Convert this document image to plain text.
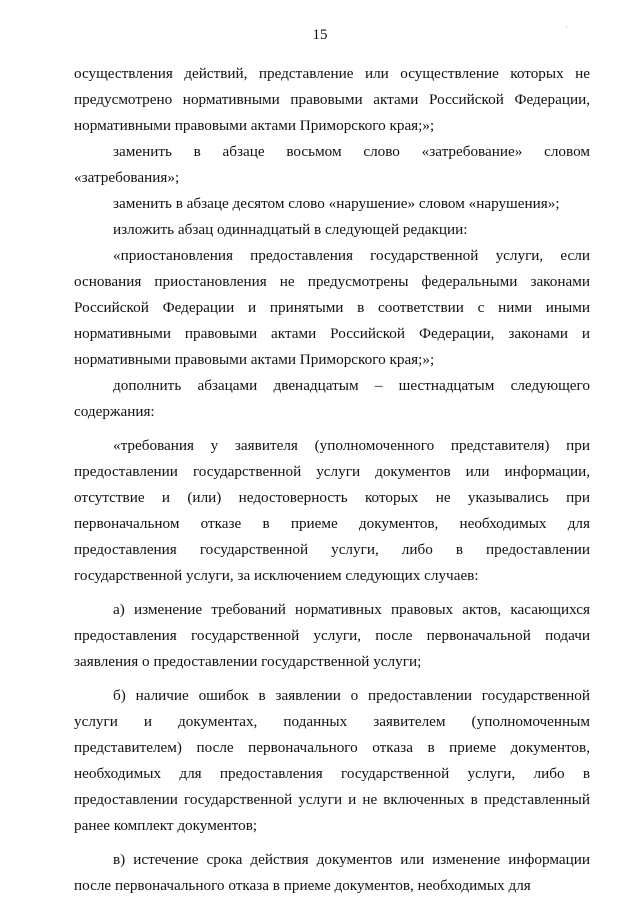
15	·

осуществления действий, представление или осуществление которых не предусмотрено нормативными правовыми актами Российской Федерации, нормативными правовыми актами Приморского края;»;

заменить в абзаце восьмом слово «затребование» словом «затребования»;

заменить в абзаце десятом слово «нарушение» словом «нарушения»;

изложить абзац одиннадцатый в следующей редакции:

«приостановления предоставления государственной услуги, если основания приостановления не предусмотрены федеральными законами Российской Федерации и принятыми в соответствии с ними иными нормативными правовыми актами Российской Федерации, законами и нормативными правовыми актами Приморского края;»;

дополнить абзацами двенадцатым – шестнадцатым следующего содержания:

«требования у заявителя (уполномоченного представителя) при предоставлении государственной услуги документов или информации, отсутствие и (или) недостоверность которых не указывались при первоначальном отказе в приеме документов, необходимых для предоставления государственной услуги, либо в предоставлении государственной услуги, за исключением следующих случаев:

а) изменение требований нормативных правовых актов, касающихся предоставления государственной услуги, после первоначальной подачи заявления о предоставлении государственной услуги;

б) наличие ошибок в заявлении о предоставлении государственной услуги и документах, поданных заявителем (уполномоченным представителем) после первоначального отказа в приеме документов, необходимых для предоставления государственной услуги, либо в предоставлении государственной услуги и не включенных в представленный ранее комплект документов;

в) истечение срока действия документов или изменение информации после первоначального отказа в приеме документов, необходимых для
